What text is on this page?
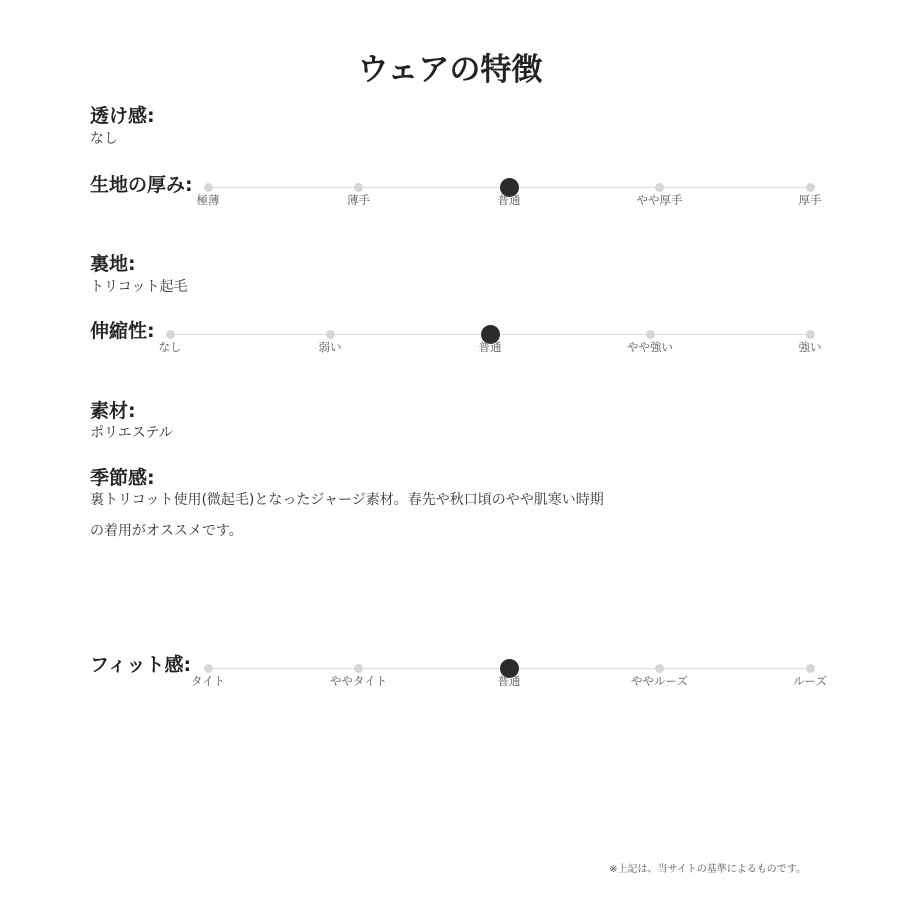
ウェアの特徴
透け感:
なし
生地の厚み:
極薄	薄手	普通	やや厚手	厚手
裏地:
トリコット起毛
伸縮性:
なし	弱い	普通	やや強い	強い
素材:
ポリエステル
季節感:
裏トリコット使用(微起毛)となったジャージ素材。春先や秋口頃のやや肌寒い時期
の着用がオススメです。
フィット感:
タイト	ややタイト	普通	ややルーズ	ルーズ
※上記は、当サイトの基準によるものです。
